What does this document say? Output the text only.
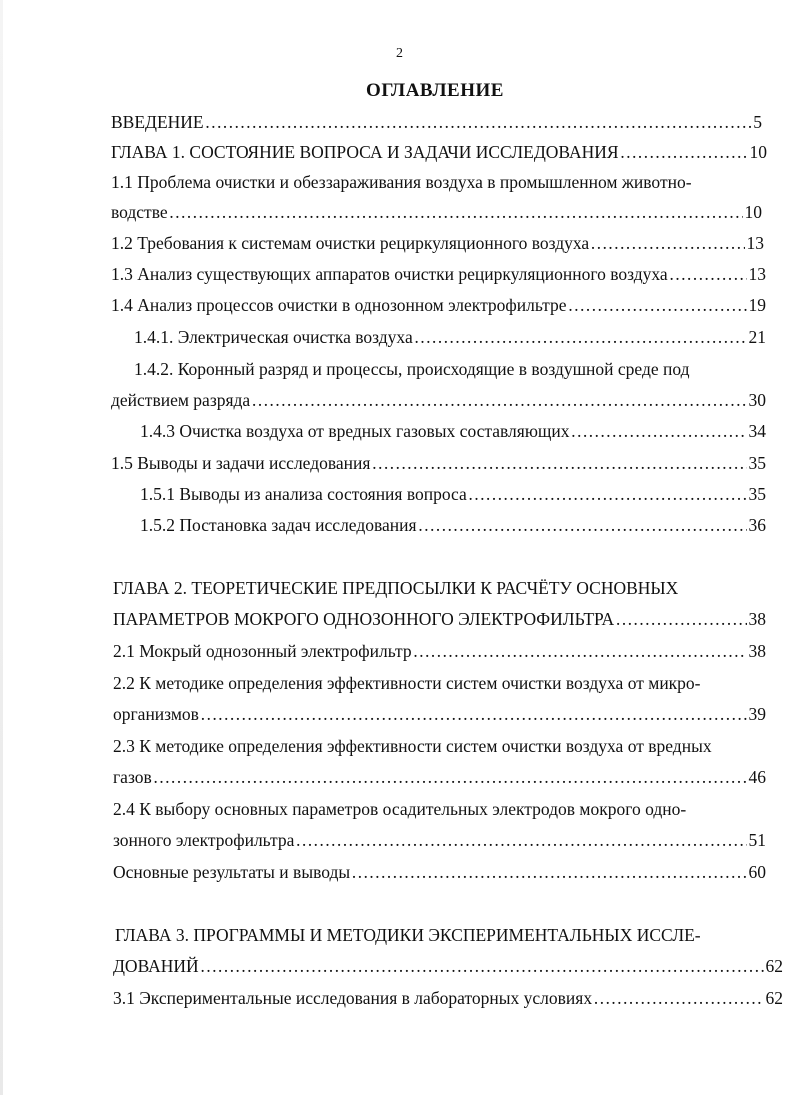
2
ОГЛАВЛЕНИЕ
ВВЕДЕНИЕ …………………………………………………………………………………………………………………………………………………………	5
ГЛАВА 1. СОСТОЯНИЕ ВОПРОСА И ЗАДАЧИ ИССЛЕДОВАНИЯ …………………………………………………………………………………………………………………………………………………………	10
1.1 Проблема очистки и обеззараживания воздуха в промышленном животно-
водстве …………………………………………………………………………………………………………………………………………………………	10
1.2 Требования к системам очистки рециркуляционного воздуха …………………………………………………………………………………………………………………………………………………………	13
1.3 Анализ существующих аппаратов очистки рециркуляционного воздуха …………………………………………………………………………………………………………………………………………………………	13
1.4 Анализ процессов очистки в однозонном электрофильтре …………………………………………………………………………………………………………………………………………………………	19
1.4.1. Электрическая очистка воздуха …………………………………………………………………………………………………………………………………………………………	21
1.4.2. Коронный разряд и процессы, происходящие в воздушной среде под
действием разряда …………………………………………………………………………………………………………………………………………………………	30
1.4.3 Очистка воздуха от вредных газовых составляющих …………………………………………………………………………………………………………………………………………………………	34
1.5 Выводы и задачи исследования …………………………………………………………………………………………………………………………………………………………	35
1.5.1 Выводы из анализа состояния вопроса …………………………………………………………………………………………………………………………………………………………	35
1.5.2 Постановка задач исследования …………………………………………………………………………………………………………………………………………………………	36
ГЛАВА 2. ТЕОРЕТИЧЕСКИЕ ПРЕДПОСЫЛКИ К РАСЧЁТУ ОСНОВНЫХ
ПАРАМЕТРОВ МОКРОГО ОДНОЗОННОГО ЭЛЕКТРОФИЛЬТРА …………………………………………………………………………………………………………………………………………………………	38
2.1 Мокрый однозонный электрофильтр …………………………………………………………………………………………………………………………………………………………	38
2.2 К методике определения эффективности систем очистки воздуха от микро-
организмов …………………………………………………………………………………………………………………………………………………………	39
2.3 К методике определения эффективности систем очистки воздуха от вредных
газов …………………………………………………………………………………………………………………………………………………………	46
2.4 К выбору основных параметров осадительных электродов мокрого одно-
зонного электрофильтра …………………………………………………………………………………………………………………………………………………………	51
Основные результаты и выводы …………………………………………………………………………………………………………………………………………………………	60
ГЛАВА 3. ПРОГРАММЫ И МЕТОДИКИ ЭКСПЕРИМЕНТАЛЬНЫХ ИССЛЕ-
ДОВАНИЙ …………………………………………………………………………………………………………………………………………………………	62
3.1 Экспериментальные исследования в лабораторных условиях …………………………………………………………………………………………………………………………………………………………	62
